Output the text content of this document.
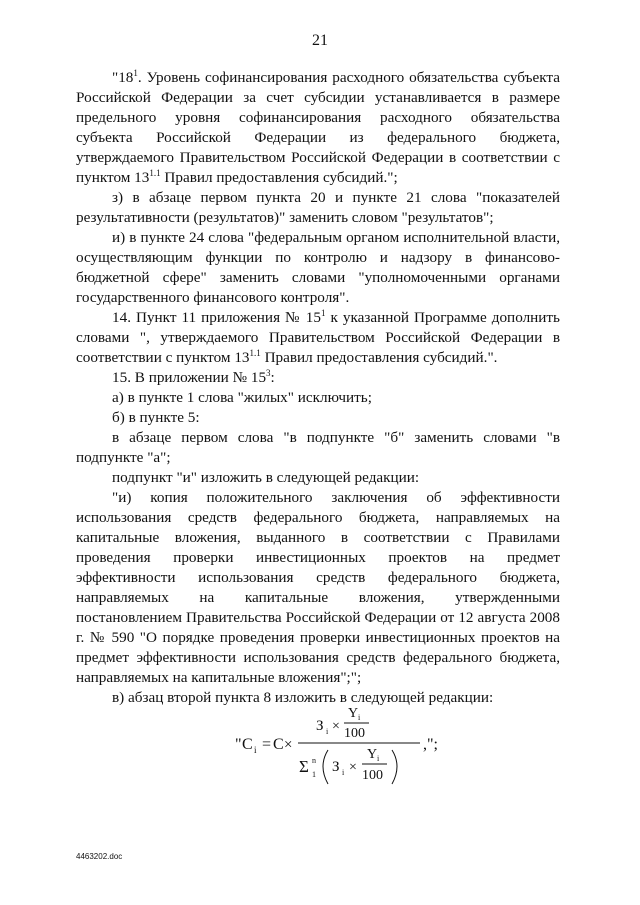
21

"$18^1$. Уровень софинансирования расходного обязательства субъекта Российской Федерации за счет субсидии устанавливается в размере предельного уровня софинансирования расходного обязательства субъекта Российской Федерации из федерального бюджета, утверждаемого Правительством Российской Федерации в соответствии с пунктом $13^{1.1}$ Правил предоставления субсидий.";

з) в абзаце первом пункта 20 и пункте 21 слова "показателей результативности (результатов)" заменить словом "результатов";

и) в пункте 24 слова "федеральным органом исполнительной власти, осуществляющим функции по контролю и надзору в финансово-бюджетной сфере" заменить словами "уполномоченными органами государственного финансового контроля".

14. Пункт 11 приложения № $15^1$ к указанной Программе дополнить словами ", утверждаемого Правительством Российской Федерации в соответствии с пунктом $13^{1.1}$ Правил предоставления субсидий.".

15. В приложении № $15^3$:

а) в пункте 1 слова "жилых" исключить;

б) в пункте 5:

в абзаце первом слова "в подпункте "б" заменить словами "в подпункте "а";

подпункт "и" изложить в следующей редакции:

"и) копия положительного заключения об эффективности использования средств федерального бюджета, направляемых на капитальные вложения, выданного в соответствии с Правилами проведения проверки инвестиционных проектов на предмет эффективности использования средств федерального бюджета, направляемых на капитальные вложения, утвержденными постановлением Правительства Российской Федерации от 12 августа 2008 г. № 590 "О порядке проведения проверки инвестиционных проектов на предмет эффективности использования средств федерального бюджета, направляемых на капитальные вложения";";

в) абзац второй пункта 8 изложить в следующей редакции:

" C i = C ×
З i ×
Y i
100
Σ n
1 З i ×
Y i
100
,";
4463202.doc
